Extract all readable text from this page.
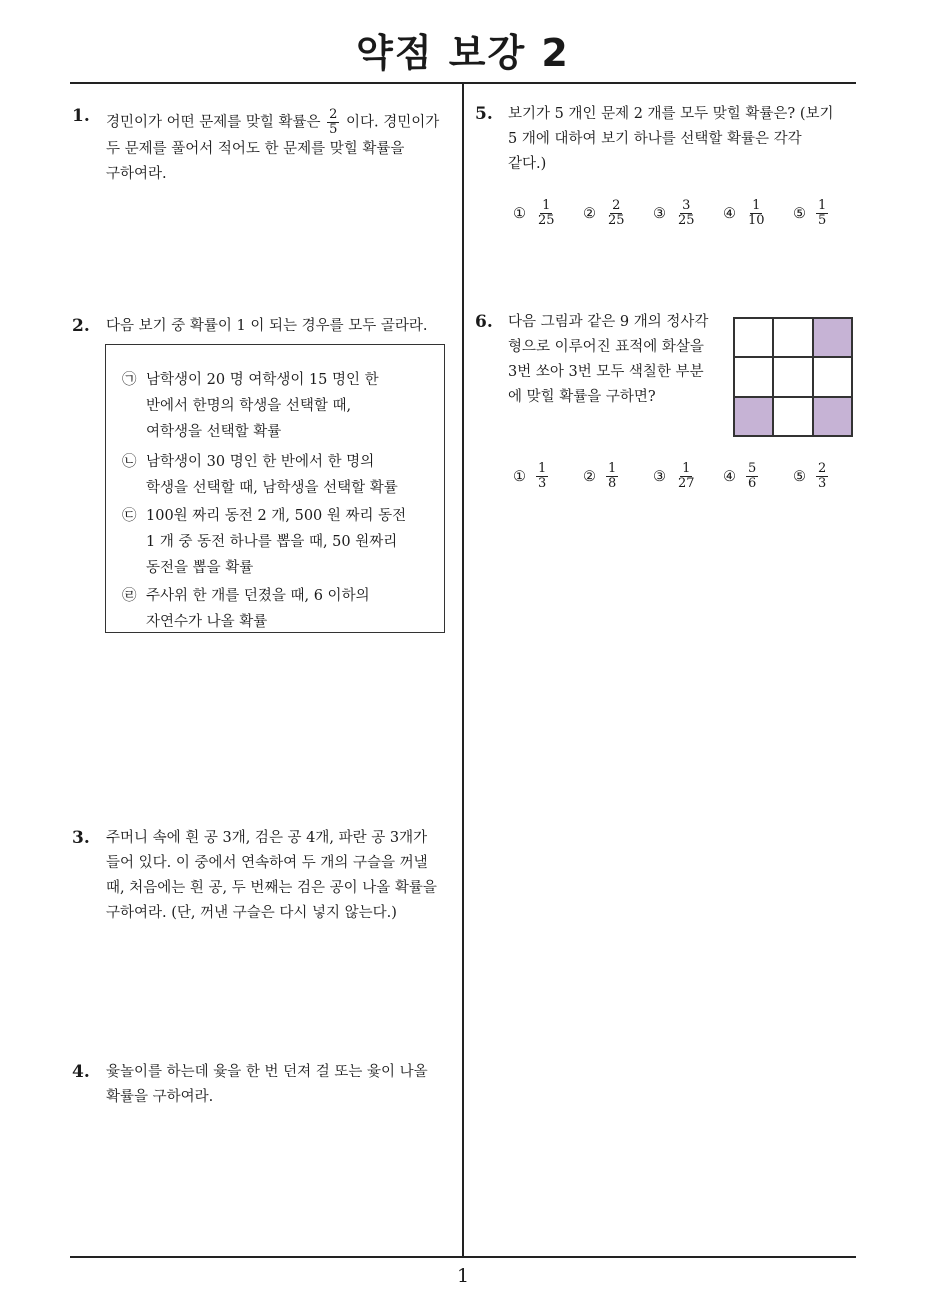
약점 보강 2
1. 경민이가 어떤 문제를 맞힐 확률은 $\frac{2}{5}$ 이다. 경민이가
두 문제를 풀어서 적어도 한 문제를 맞힐 확률을
구하여라.
2. 다음 보기 중 확률이 1 이 되는 경우를 모두 골라라.
㉠ 남학생이 20 명 여학생이 15 명인 한
반에서 한명의 학생을 선택할 때,
여학생을 선택할 확률
㉡ 남학생이 30 명인 한 반에서 한 명의
학생을 선택할 때, 남학생을 선택할 확률
㉢ 100원 짜리 동전 2 개, 500 원 짜리 동전
1 개 중 동전 하나를 뽑을 때, 50 원짜리
동전을 뽑을 확률
㉣ 주사위 한 개를 던졌을 때, 6 이하의
자연수가 나올 확률
3. 주머니 속에 흰 공 3개, 검은 공 4개, 파란 공 3개가
들어 있다. 이 중에서 연속하여 두 개의 구슬을 꺼낼
때, 처음에는 흰 공, 두 번째는 검은 공이 나올 확률을
구하여라. (단, 꺼낸 구슬은 다시 넣지 않는다.)
4. 윷놀이를 하는데 윷을 한 번 던져 걸 또는 윷이 나올
확률을 구하여라.
5. 보기가 5 개인 문제 2 개를 모두 맞힐 확률은? (보기
5 개에 대하여 보기 하나를 선택할 확률은 각각
같다.)
① $\frac{1}{25}$ ② $\frac{2}{25}$ ③ $\frac{3}{25}$ ④ $\frac{1}{10}$ ⑤ $\frac{1}{5}$
6. 다음 그림과 같은 9 개의 정사각
형으로 이루어진 표적에 화살을
3번 쏘아 3번 모두 색칠한 부분
에 맞힐 확률을 구하면?
① $\frac{1}{3}$ ② $\frac{1}{8}$ ③ $\frac{1}{27}$ ④ $\frac{5}{6}$ ⑤ $\frac{2}{3}$
1
